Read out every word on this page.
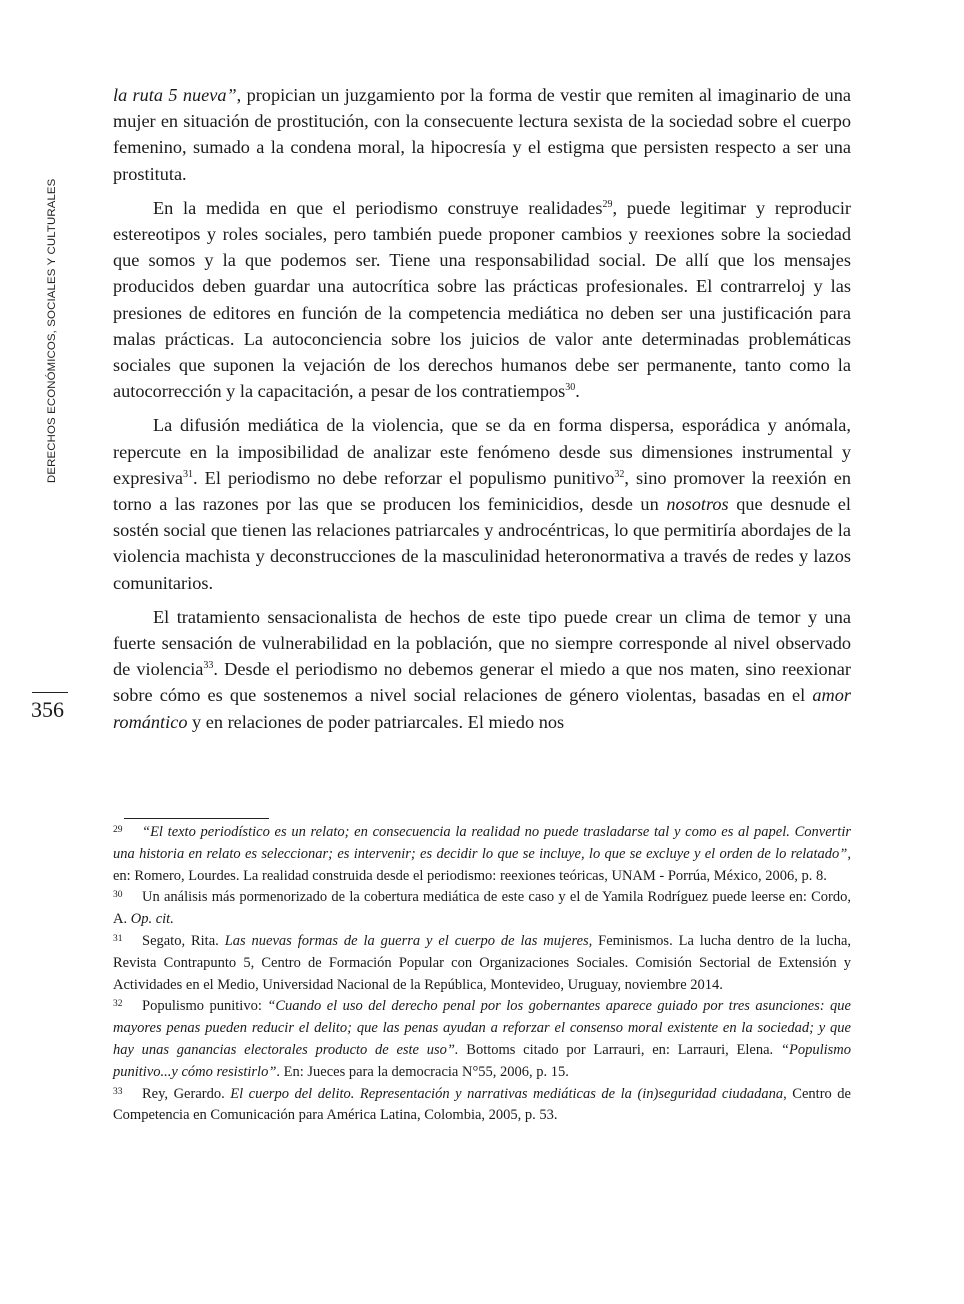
DERECHOS ECONÓMICOS, SOCIALES Y CULTURALES
356

la ruta 5 nueva”, propician un juzgamiento por la forma de vestir que remiten al imaginario de una mujer en situación de prostitución, con la consecuente lectura sexista de la sociedad sobre el cuerpo femenino, sumado a la condena moral, la hipocresía y el estigma que persisten respecto a ser una prostituta.

En la medida en que el periodismo construye realidades$^{29}$, puede legitimar y reproducir estereotipos y roles sociales, pero también puede proponer cambios y reexiones sobre la sociedad que somos y la que podemos ser. Tiene una responsabilidad social. De allí que los mensajes producidos deben guardar una autocrítica sobre las prácticas profesionales. El contrarreloj y las presiones de editores en función de la competencia mediática no deben ser una justificación para malas prácticas. La autoconciencia sobre los juicios de valor ante determinadas problemáticas sociales que suponen la vejación de los derechos humanos debe ser permanente, tanto como la autocorrección y la capacitación, a pesar de los contratiempos$^{30}$.

La difusión mediática de la violencia, que se da en forma dispersa, esporádica y anómala, repercute en la imposibilidad de analizar este fenómeno desde sus dimensiones instrumental y expresiva$^{31}$. El periodismo no debe reforzar el populismo punitivo$^{32}$, sino promover la reexión en torno a las razones por las que se producen los feminicidios, desde un nosotros que desnude el sostén social que tienen las relaciones patriarcales y androcéntricas, lo que permitiría abordajes de la violencia machista y deconstrucciones de la masculinidad heteronormativa a través de redes y lazos comunitarios.

El tratamiento sensacionalista de hechos de este tipo puede crear un clima de temor y una fuerte sensación de vulnerabilidad en la población, que no siempre corresponde al nivel observado de violencia$^{33}$. Desde el periodismo no debemos generar el miedo a que nos maten, sino reexionar sobre cómo es que sostenemos a nivel social relaciones de género violentas, basadas en el amor romántico y en relaciones de poder patriarcales. El miedo nos

29 “El texto periodístico es un relato; en consecuencia la realidad no puede trasladarse tal y como es al papel. Convertir una historia en relato es seleccionar; es intervenir; es decidir lo que se incluye, lo que se excluye y el orden de lo relatado”, en: Romero, Lourdes. La realidad construida desde el periodismo: reexiones teóricas, UNAM - Porrúa, México, 2006, p. 8.

30 Un análisis más pormenorizado de la cobertura mediática de este caso y el de Yamila Rodríguez puede leerse en: Cordo, A. Op. cit.

31 Segato, Rita. Las nuevas formas de la guerra y el cuerpo de las mujeres, Feminismos. La lucha dentro de la lucha, Revista Contrapunto 5, Centro de Formación Popular con Organizaciones Sociales. Comisión Sectorial de Extensión y Actividades en el Medio, Universidad Nacional de la República, Montevideo, Uruguay, noviembre 2014.

32 Populismo punitivo: “Cuando el uso del derecho penal por los gobernantes aparece guiado por tres asunciones: que mayores penas pueden reducir el delito; que las penas ayudan a reforzar el consenso moral existente en la sociedad; y que hay unas ganancias electorales producto de este uso”. Bottoms citado por Larrauri, en: Larrauri, Elena. “Populismo punitivo...y cómo resistirlo”. En: Jueces para la democracia N°55, 2006, p. 15.

33 Rey, Gerardo. El cuerpo del delito. Representación y narrativas mediáticas de la (in)seguridad ciudadana, Centro de Competencia en Comunicación para América Latina, Colombia, 2005, p. 53.
